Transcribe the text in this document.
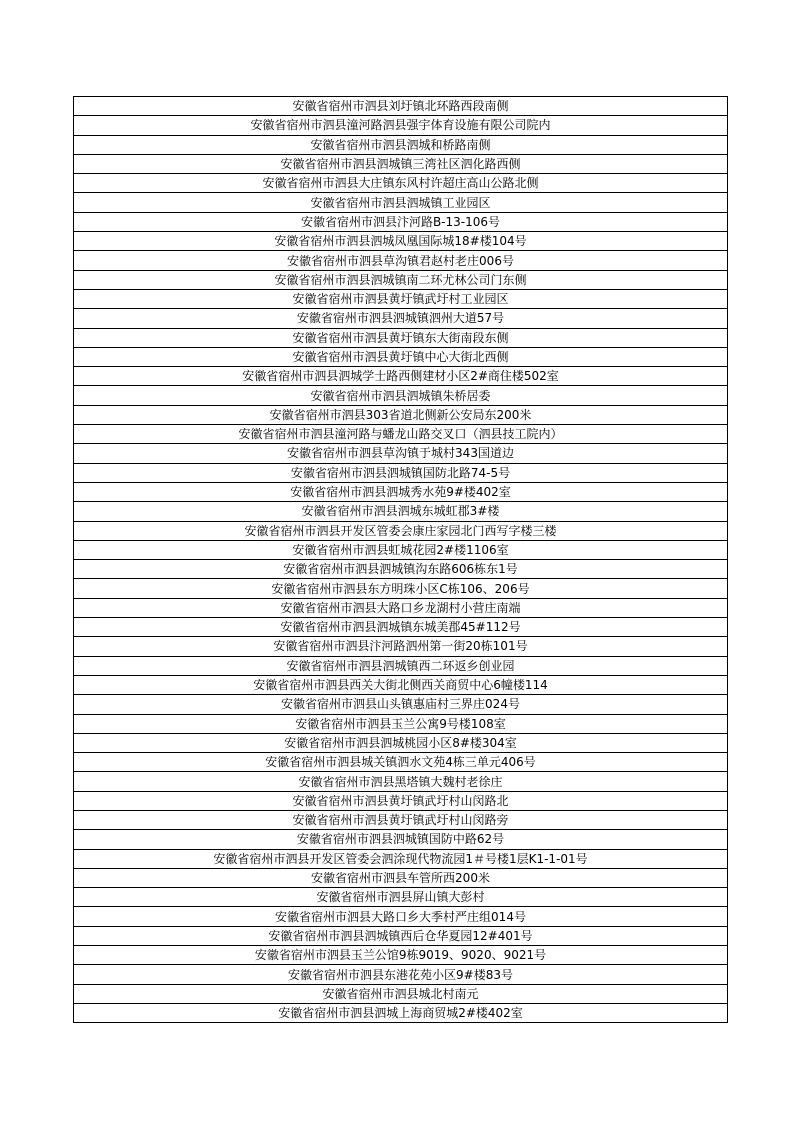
安徽省宿州市泗县刘圩镇北环路西段南侧
安徽省宿州市泗县潼河路泗县强宇体育设施有限公司院内
安徽省宿州市泗县泗城和桥路南侧
安徽省宿州市泗县泗城镇三湾社区泗化路西侧
安徽省宿州市泗县大庄镇东风村许超庄高山公路北侧
安徽省宿州市泗县泗城镇工业园区
安徽省宿州市泗县汴河路B-13-106号
安徽省宿州市泗县泗城凤凰国际城18#楼104号
安徽省宿州市泗县草沟镇君赵村老庄006号
安徽省宿州市泗县泗城镇南二环尤林公司门东侧
安徽省宿州市泗县黄圩镇武圩村工业园区
安徽省宿州市泗县泗城镇泗州大道57号
安徽省宿州市泗县黄圩镇东大街南段东侧
安徽省宿州市泗县黄圩镇中心大街北西侧
安徽省宿州市泗县泗城学士路西侧建材小区2#商住楼502室
安徽省宿州市泗县泗城镇朱桥居委
安徽省宿州市泗县303省道北侧新公安局东200米
安徽省宿州市泗县潼河路与蟠龙山路交叉口（泗县技工院内）
安徽省宿州市泗县草沟镇于城村343国道边
安徽省宿州市泗县泗城镇国防北路74-5号
安徽省宿州市泗县泗城秀水苑9#楼402室
安徽省宿州市泗县泗城东城虹郡3#楼
安徽省宿州市泗县开发区管委会康庄家园北门西写字楼三楼
安徽省宿州市泗县虹城花园2#楼1106室
安徽省宿州市泗县泗城镇沟东路606栋东1号
安徽省宿州市泗县东方明珠小区C栋106、206号
安徽省宿州市泗县大路口乡龙湖村小营庄南端
安徽省宿州市泗县泗城镇东城美郡45#112号
安徽省宿州市泗县汴河路泗州第一街20栋101号
安徽省宿州市泗县泗城镇西二环返乡创业园
安徽省宿州市泗县西关大街北侧西关商贸中心6幢楼114
安徽省宿州市泗县山头镇惠庙村三界庄024号
安徽省宿州市泗县玉兰公寓9号楼108室
安徽省宿州市泗县泗城桃园小区8#楼304室
安徽省宿州市泗县城关镇泗水文苑4栋三单元406号
安徽省宿州市泗县黑塔镇大魏村老徐庄
安徽省宿州市泗县黄圩镇武圩村山闵路北
安徽省宿州市泗县黄圩镇武圩村山闵路旁
安徽省宿州市泗县泗城镇国防中路62号
安徽省宿州市泗县开发区管委会泗涂现代物流园1＃号楼1层K1-1-01号
安徽省宿州市泗县车管所西200米
安徽省宿州市泗县屏山镇大彭村
安徽省宿州市泗县大路口乡大季村严庄组014号
安徽省宿州市泗县泗城镇西后仓华夏园12#401号
安徽省宿州市泗县玉兰公馆9栋9019、9020、9021号
安徽省宿州市泗县东港花苑小区9#楼83号
安徽省宿州市泗县城北村南元
安徽省宿州市泗县泗城上海商贸城2#楼402室
